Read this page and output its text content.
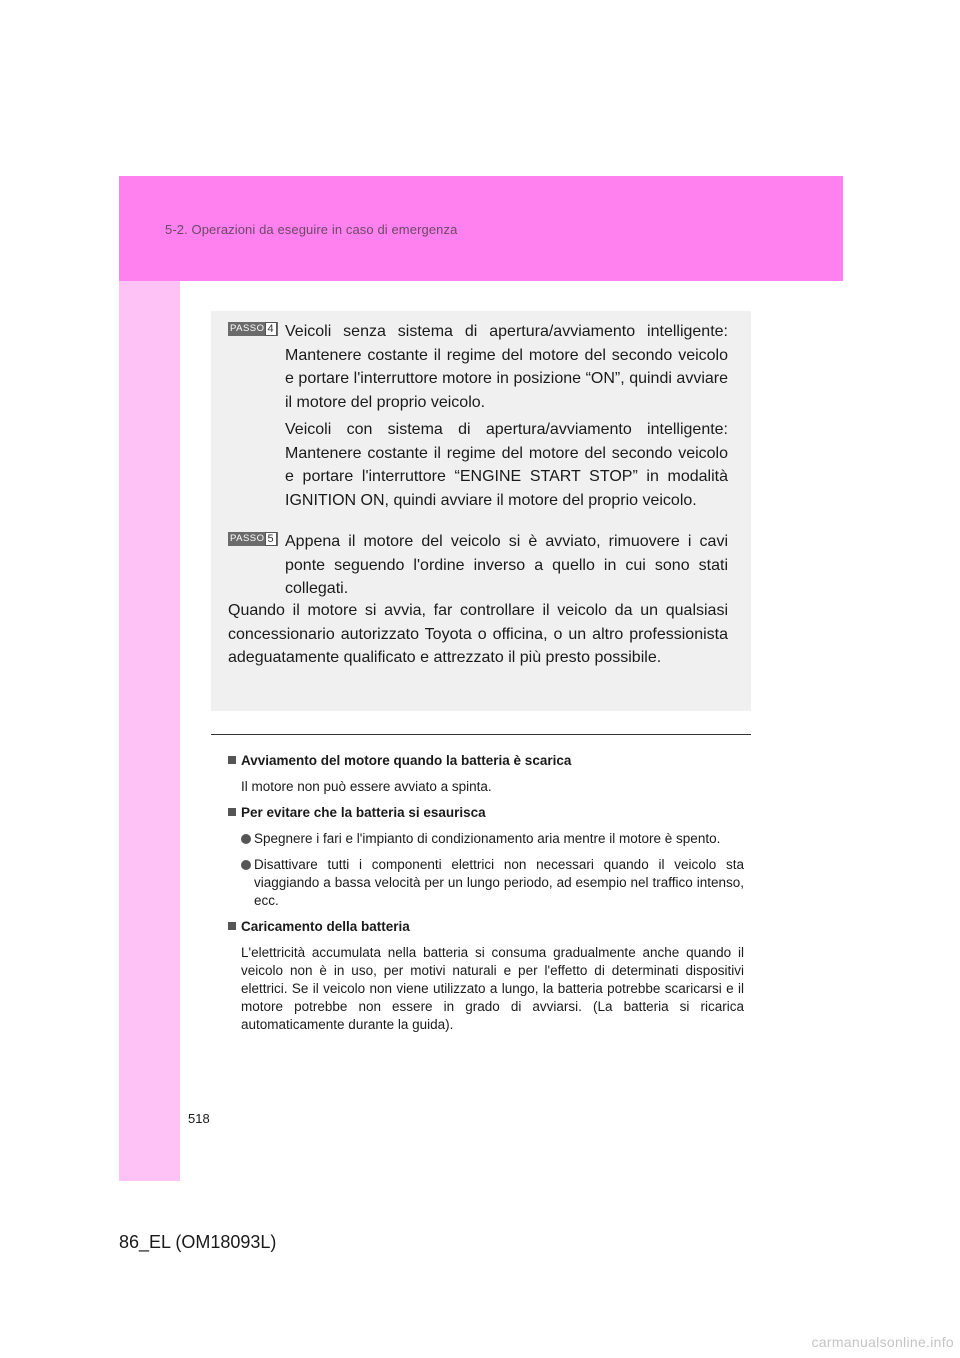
5-2. Operazioni da eseguire in caso di emergenza
PASSO 4 Veicoli senza sistema di apertura/avviamento intelligente: Mantenere costante il regime del motore del secondo veicolo e portare l'interruttore motore in posizione “ON”, quindi avviare il motore del proprio veicolo.

Veicoli con sistema di apertura/avviamento intelligente: Mantenere costante il regime del motore del secondo veicolo e portare l'interruttore “ENGINE START STOP” in modalità IGNITION ON, quindi avviare il motore del proprio veicolo.

PASSO 5 Appena il motore del veicolo si è avviato, rimuovere i cavi ponte seguendo l'ordine inverso a quello in cui sono stati collegati.

Quando il motore si avvia, far controllare il veicolo da un qualsiasi concessionario autorizzato Toyota o officina, o un altro professionista adeguatamente qualificato e attrezzato il più presto possibile.

Avviamento del motore quando la batteria è scarica
Il motore non può essere avviato a spinta.
Per evitare che la batteria si esaurisca
Spegnere i fari e l'impianto di condizionamento aria mentre il motore è spento.
Disattivare tutti i componenti elettrici non necessari quando il veicolo sta viaggiando a bassa velocità per un lungo periodo, ad esempio nel traffico intenso, ecc.
Caricamento della batteria
L'elettricità accumulata nella batteria si consuma gradualmente anche quando il veicolo non è in uso, per motivi naturali e per l'effetto di determinati dispositivi elettrici. Se il veicolo non viene utilizzato a lungo, la batteria potrebbe scaricarsi e il motore potrebbe non essere in grado di avviarsi. (La batteria si ricarica automaticamente durante la guida).
518
86_EL (OM18093L)
carmanualsonline.info
